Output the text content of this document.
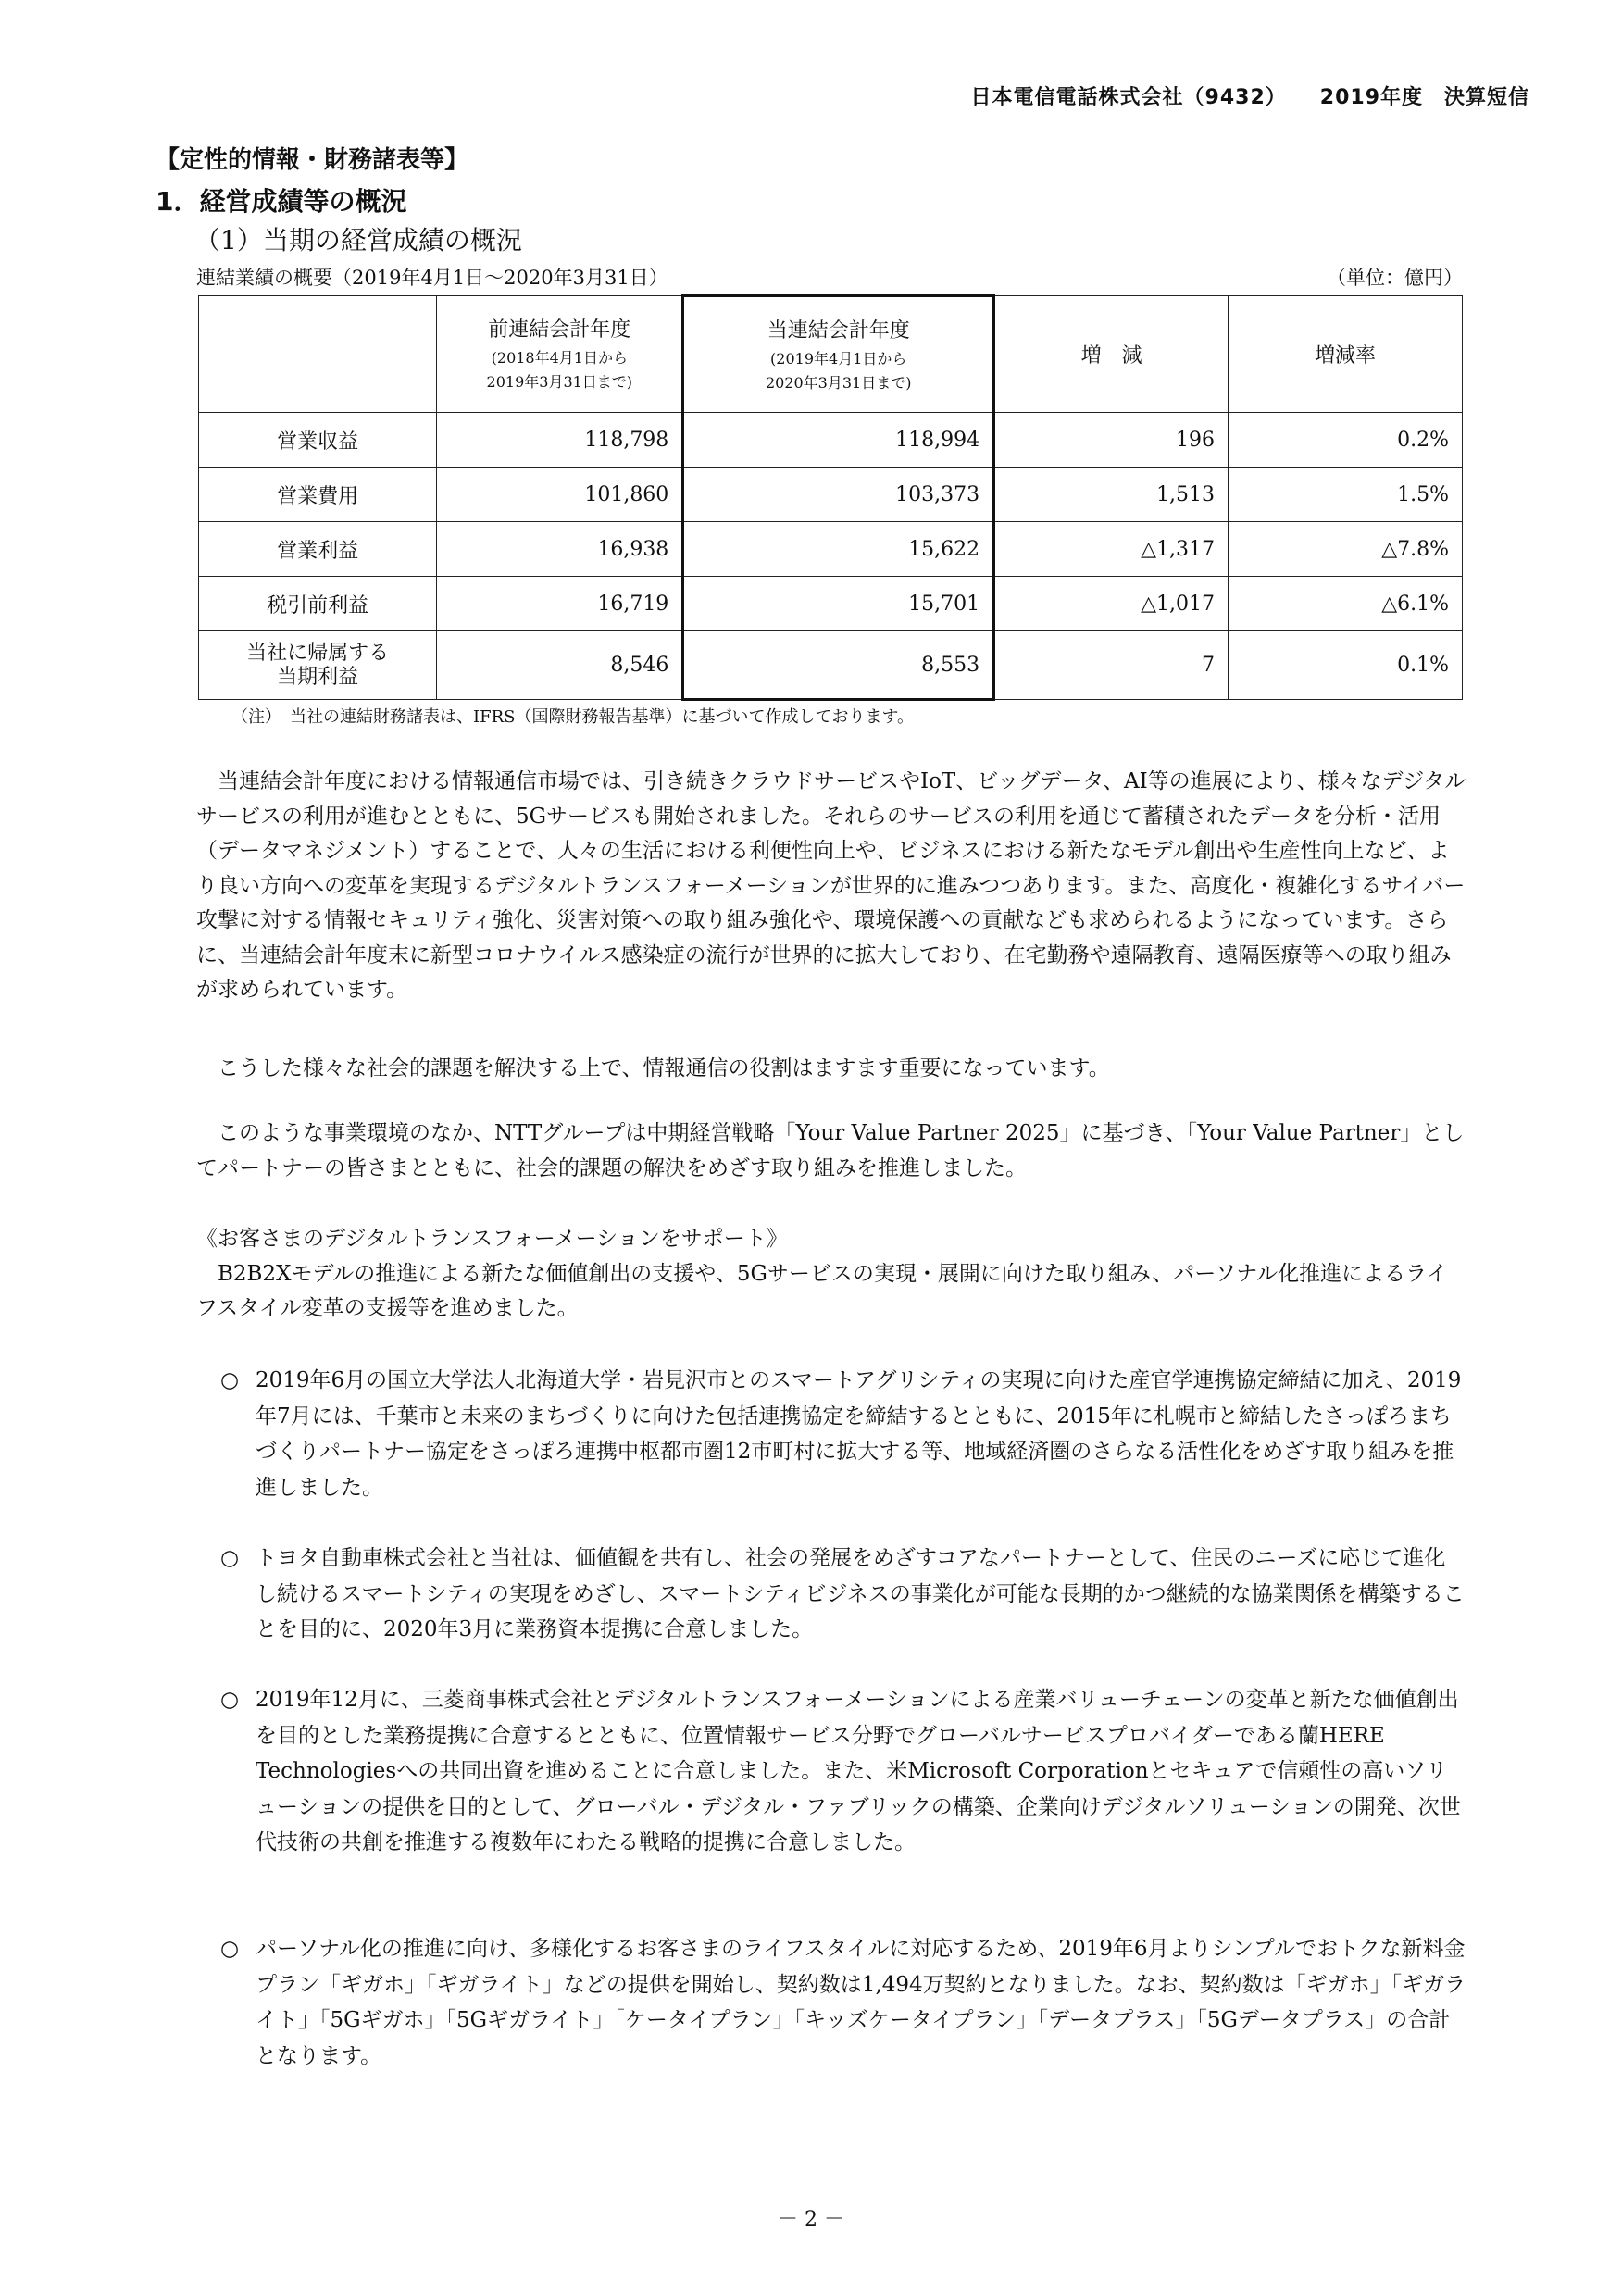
日本電信電話株式会社（9432） 2019年度　決算短信
【定性的情報・財務諸表等】
1．経営成績等の概況
（1）当期の経営成績の概況
連結業績の概要（2019年4月1日～2020年3月31日）	（単位：億円）

	前連結会計年度
(2018年4月1日から
2019年3月31日まで)	当連結会計年度
(2019年4月1日から
2020年3月31日まで)	増　減	増減率
営業収益	118,798	118,994	196	0.2%
営業費用	101,860	103,373	1,513	1.5%
営業利益	16,938	15,622	△1,317	△7.8%
税引前利益	16,719	15,701	△1,017	△6.1%

当社に帰属する
当期利益	8,546	8,553	7	0.1%
（注）　当社の連結財務諸表は、IFRS（国際財務報告基準）に基づいて作成しております。
　当連結会計年度における情報通信市場では、引き続きクラウドサービスやIoT、ビッグデータ、AI等の進展により、様々なデジタルサービスの利用が進むとともに、5Gサービスも開始されました。それらのサービスの利用を通じて蓄積されたデータを分析・活用（データマネジメント）することで、人々の生活における利便性向上や、ビジネスにおける新たなモデル創出や生産性向上など、より良い方向への変革を実現するデジタルトランスフォーメーションが世界的に進みつつあります。また、高度化・複雑化するサイバー攻撃に対する情報セキュリティ強化、災害対策への取り組み強化や、環境保護への貢献なども求められるようになっています。さらに、当連結会計年度末に新型コロナウイルス感染症の流行が世界的に拡大しており、在宅勤務や遠隔教育、遠隔医療等への取り組みが求められています。
　こうした様々な社会的課題を解決する上で、情報通信の役割はますます重要になっています。
　このような事業環境のなか、NTTグループは中期経営戦略「Your Value Partner 2025」に基づき、「Your Value Partner」としてパートナーの皆さまとともに、社会的課題の解決をめざす取り組みを推進しました。
《お客さまのデジタルトランスフォーメーションをサポート》
　B2B2Xモデルの推進による新たな価値創出の支援や、5Gサービスの実現・展開に向けた取り組み、パーソナル化推進によるライフスタイル変革の支援等を進めました。
○ 2019年6月の国立大学法人北海道大学・岩見沢市とのスマートアグリシティの実現に向けた産官学連携協定締結に加え、2019年7月には、千葉市と未来のまちづくりに向けた包括連携協定を締結するとともに、2015年に札幌市と締結したさっぽろまちづくりパートナー協定をさっぽろ連携中枢都市圏12市町村に拡大する等、地域経済圏のさらなる活性化をめざす取り組みを推進しました。
○ トヨタ自動車株式会社と当社は、価値観を共有し、社会の発展をめざすコアなパートナーとして、住民のニーズに応じて進化し続けるスマートシティの実現をめざし、スマートシティビジネスの事業化が可能な長期的かつ継続的な協業関係を構築することを目的に、2020年3月に業務資本提携に合意しました。
○ 2019年12月に、三菱商事株式会社とデジタルトランスフォーメーションによる産業バリューチェーンの変革と新たな価値創出を目的とした業務提携に合意するとともに、位置情報サービス分野でグローバルサービスプロバイダーである蘭HERE Technologiesへの共同出資を進めることに合意しました。また、米Microsoft Corporationとセキュアで信頼性の高いソリューションの提供を目的として、グローバル・デジタル・ファブリックの構築、企業向けデジタルソリューションの開発、次世代技術の共創を推進する複数年にわたる戦略的提携に合意しました。
○ パーソナル化の推進に向け、多様化するお客さまのライフスタイルに対応するため、2019年6月よりシンプルでおトクな新料金プラン「ギガホ」「ギガライト」などの提供を開始し、契約数は1,494万契約となりました。なお、契約数は「ギガホ」「ギガライト」「5Gギガホ」「5Gギガライト」「ケータイプラン」「キッズケータイプラン」「データプラス」「5Gデータプラス」の合計となります。
－ 2 －
